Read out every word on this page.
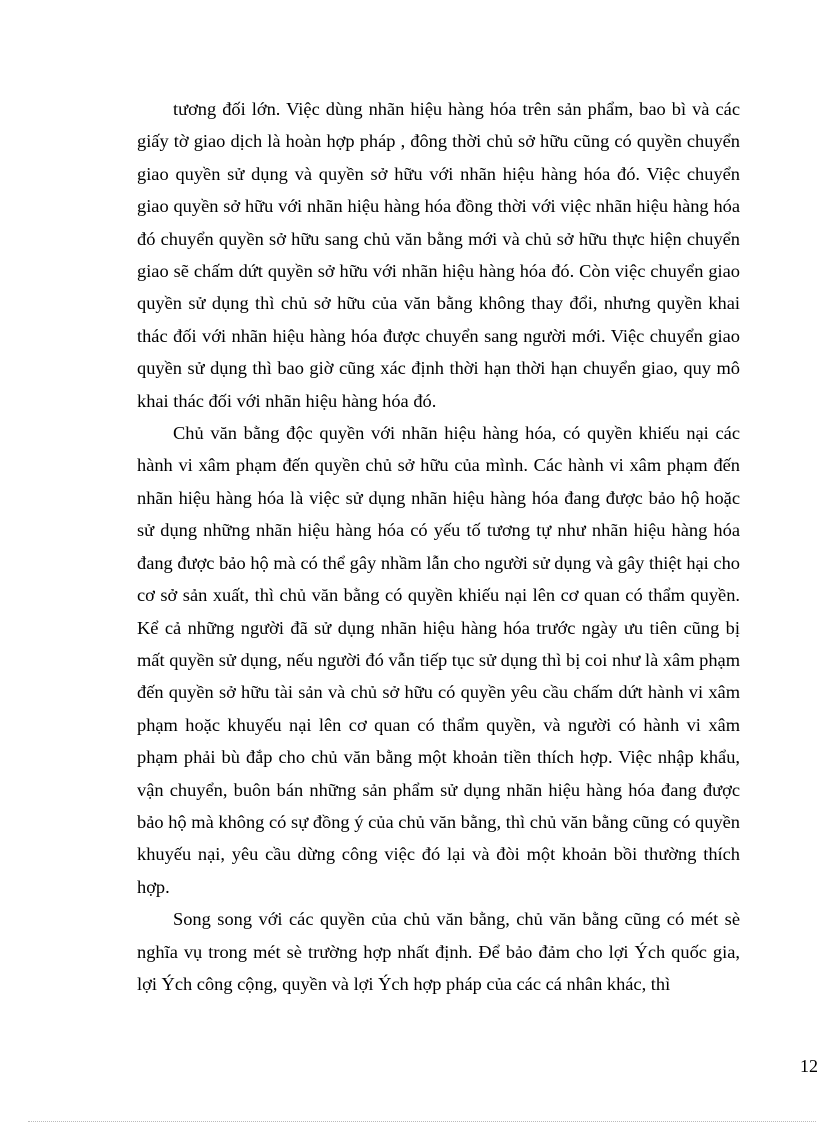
tương đối lớn. Việc dùng nhãn hiệu hàng hóa trên sản phẩm, bao bì và các giấy tờ giao dịch là hoàn hợp pháp , đông thời chủ sở hữu cũng có quyền chuyển giao quyền sử dụng và quyền sở hữu với nhãn hiệu hàng hóa đó. Việc chuyển giao quyền sở hữu với nhãn hiệu hàng hóa đồng thời với việc nhãn hiệu hàng hóa đó chuyển quyền sở hữu sang chủ văn bằng mới và chủ sở hữu thực hiện chuyển giao sẽ chấm dứt quyền sở hữu với nhãn hiệu hàng hóa đó. Còn việc chuyển giao quyền sử dụng thì chủ sở hữu của văn bằng không thay đổi, nhưng quyền khai thác đối với nhãn hiệu hàng hóa được chuyển sang người mới. Việc chuyển giao quyền sử dụng thì bao giờ cũng xác định thời hạn thời hạn chuyển giao, quy mô khai thác đối với nhãn hiệu hàng hóa đó.

Chủ văn bằng độc quyền với nhãn hiệu hàng hóa, có quyền khiếu nại các hành vi xâm phạm đến quyền chủ sở hữu của mình. Các hành vi xâm phạm đến nhãn hiệu hàng hóa là việc sử dụng nhãn hiệu hàng hóa đang được bảo hộ hoặc sử dụng những nhãn hiệu hàng hóa có yếu tố tương tự như nhãn hiệu hàng hóa đang được bảo hộ mà có thể gây nhầm lẫn cho người sử dụng và gây thiệt hại cho cơ sở sản xuất, thì chủ văn bằng có quyền khiếu nại lên cơ quan có thẩm quyền. Kể cả những người đã sử dụng nhãn hiệu hàng hóa trước ngày ưu tiên cũng bị mất quyền sử dụng, nếu người đó vẫn tiếp tục sử dụng thì bị coi như là xâm phạm đến quyền sở hữu tài sản và chủ sở hữu có quyền yêu cầu chấm dứt hành vi xâm phạm hoặc khuyếu nại lên cơ quan có thẩm quyền, và người có hành vi xâm phạm phải bù đắp cho chủ văn bằng một khoản tiền thích hợp. Việc nhập khẩu, vận chuyển, buôn bán những sản phẩm sử dụng nhãn hiệu hàng hóa đang được bảo hộ mà không có sự đồng ý của chủ văn bằng, thì chủ văn bằng cũng có quyền khuyếu nại, yêu cầu dừng công việc đó lại và đòi một khoản bồi thường thích hợp.

Song song với các quyền của chủ văn bằng, chủ văn bằng cũng có mét sè nghĩa vụ trong mét sè trường hợp nhất định. Để bảo đảm cho lợi Ých quốc gia, lợi Ých công cộng, quyền và lợi Ých hợp pháp của các cá nhân khác, thì

12
